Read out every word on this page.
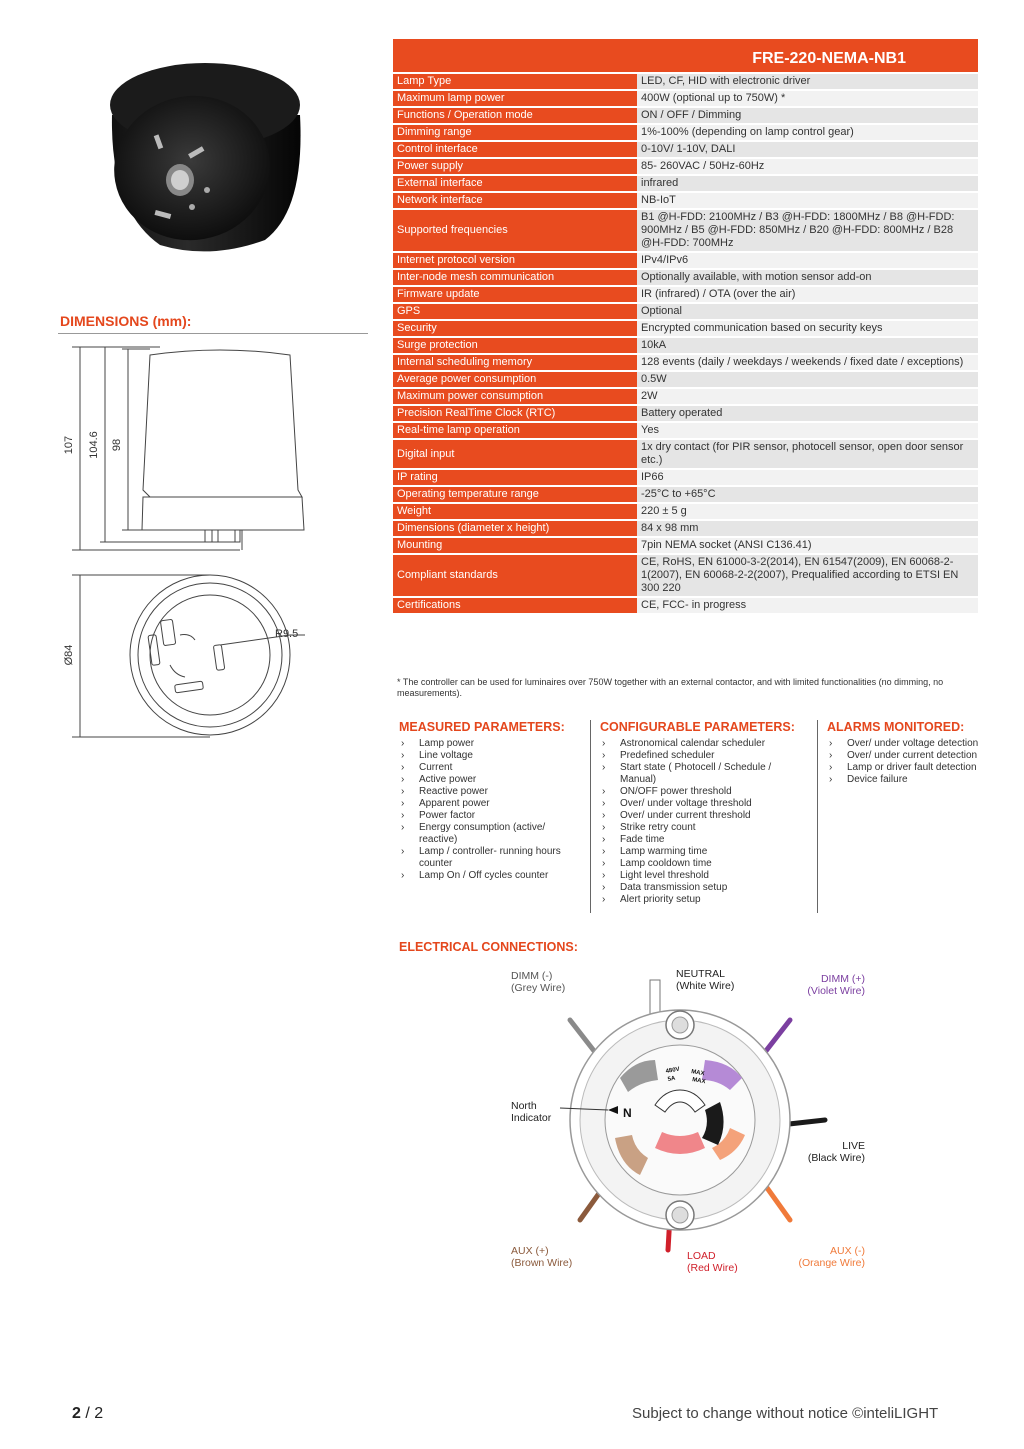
DIMENSIONS (mm):
107 104.6 98
Ø84
R9.5
FRE-220-NEMA-NB1
Lamp Type	LED, CF, HID with electronic driver
Maximum lamp power	400W (optional up to 750W) *
Functions / Operation mode	ON / OFF / Dimming
Dimming range	1%-100% (depending on lamp control gear)
Control interface	0-10V/ 1-10V, DALI
Power supply	85- 260VAC / 50Hz-60Hz
External interface	infrared
Network interface	NB-IoT
Supported frequencies	B1 @H-FDD: 2100MHz / B3 @H-FDD: 1800MHz / B8 @H-FDD: 900MHz / B5 @H-FDD: 850MHz / B20 @H-FDD: 800MHz / B28 @H-FDD: 700MHz
Internet protocol version	IPv4/IPv6
Inter-node mesh communication	Optionally available, with motion sensor add-on
Firmware update	IR (infrared) / OTA (over the air)
GPS	Optional
Security	Encrypted communication based on security keys
Surge protection	10kA
Internal scheduling memory	128 events (daily / weekdays / weekends / fixed date / exceptions)
Average power consumption	0.5W
Maximum power consumption	2W
Precision RealTime Clock (RTC)	Battery operated
Real-time lamp operation	Yes
Digital input	1x dry contact (for PIR sensor, photocell sensor, open door sensor etc.)
IP rating	IP66
Operating temperature range	-25°C to +65°C
Weight	220 ± 5 g
Dimensions (diameter x height)	84 x 98 mm
Mounting	7pin NEMA socket (ANSI C136.41)
Compliant standards	CE, RoHS, EN 61000-3-2(2014), EN 61547(2009), EN 60068-2-1(2007), EN 60068-2-2(2007), Prequalified according to ETSI EN 300 220
Certifications	CE, FCC- in progress
* The controller can be used for luminaires over 750W together with an external contactor, and with limited functionalities (no dimming, no measurements).
MEASURED PARAMETERS:
› Lamp power
› Line voltage
› Current
› Active power
› Reactive power
› Apparent power
› Power factor
› Energy consumption (active/ reactive)
› Lamp / controller- running hours counter
› Lamp On / Off cycles counter
CONFIGURABLE PARAMETERS:
› Astronomical calendar scheduler
› Predefined scheduler
› Start state ( Photocell / Schedule / Manual)
› ON/OFF power threshold
› Over/ under voltage threshold
› Over/ under current threshold
› Strike retry count
› Fade time
› Lamp warming time
› Lamp cooldown time
› Light level threshold
› Data transmission setup
› Alert priority setup
ALARMS MONITORED:
› Over/ under voltage detection
› Over/ under current detection
› Lamp or driver fault detection
› Device failure
ELECTRICAL CONNECTIONS:
N
480V
5A
MAX
MAX
DIMM (-)
(Grey Wire)
NEUTRAL
(White Wire)
DIMM (+)
(Violet Wire)
North
Indicator
LIVE
(Black Wire)
AUX (+)
(Brown Wire)
LOAD
(Red Wire)
AUX (-)
(Orange Wire)
2 / 2	Subject to change without notice ©inteliLIGHT
